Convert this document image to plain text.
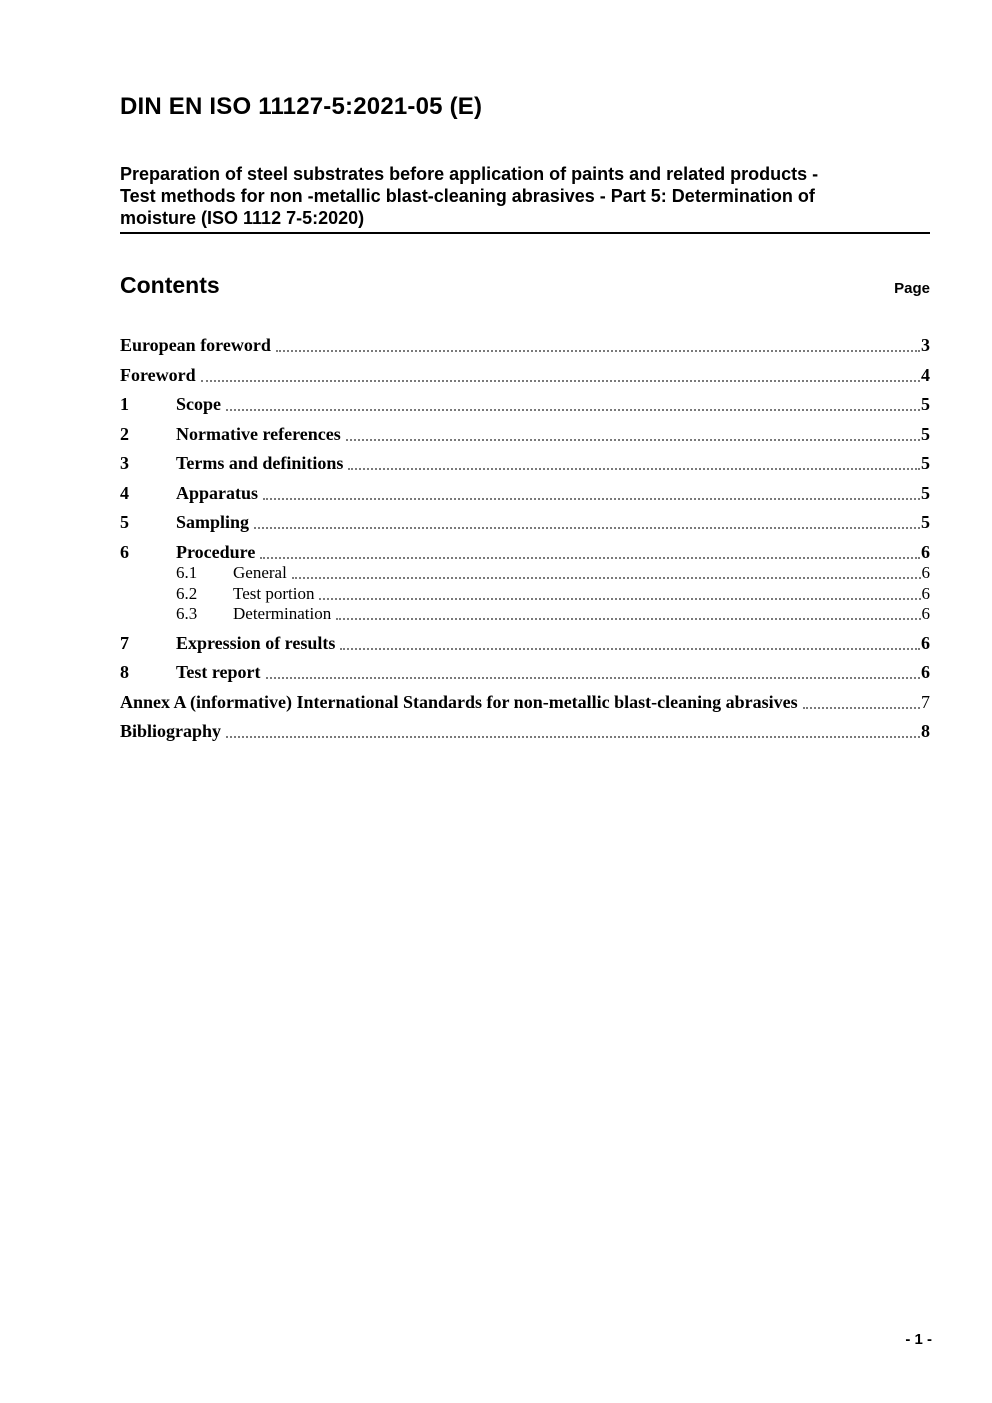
DIN EN ISO 11127-5:2021-05 (E)
Preparation of steel substrates before application of paints and related products -
Test methods for non -metallic blast-cleaning abrasives - Part 5: Determination of
moisture (ISO 1112 7-5:2020)
Contents	Page
European foreword	3
Foreword	4
1	Scope	5
2	Normative references	5
3	Terms and definitions	5
4	Apparatus	5
5	Sampling	5
6	Procedure	6
6.1	General	6
6.2	Test portion	6
6.3	Determination	6
7	Expression of results	6
8	Test report	6
Annex A (informative) International Standards for non-metallic blast-cleaning abrasives	7
Bibliography	8
- 1 -
